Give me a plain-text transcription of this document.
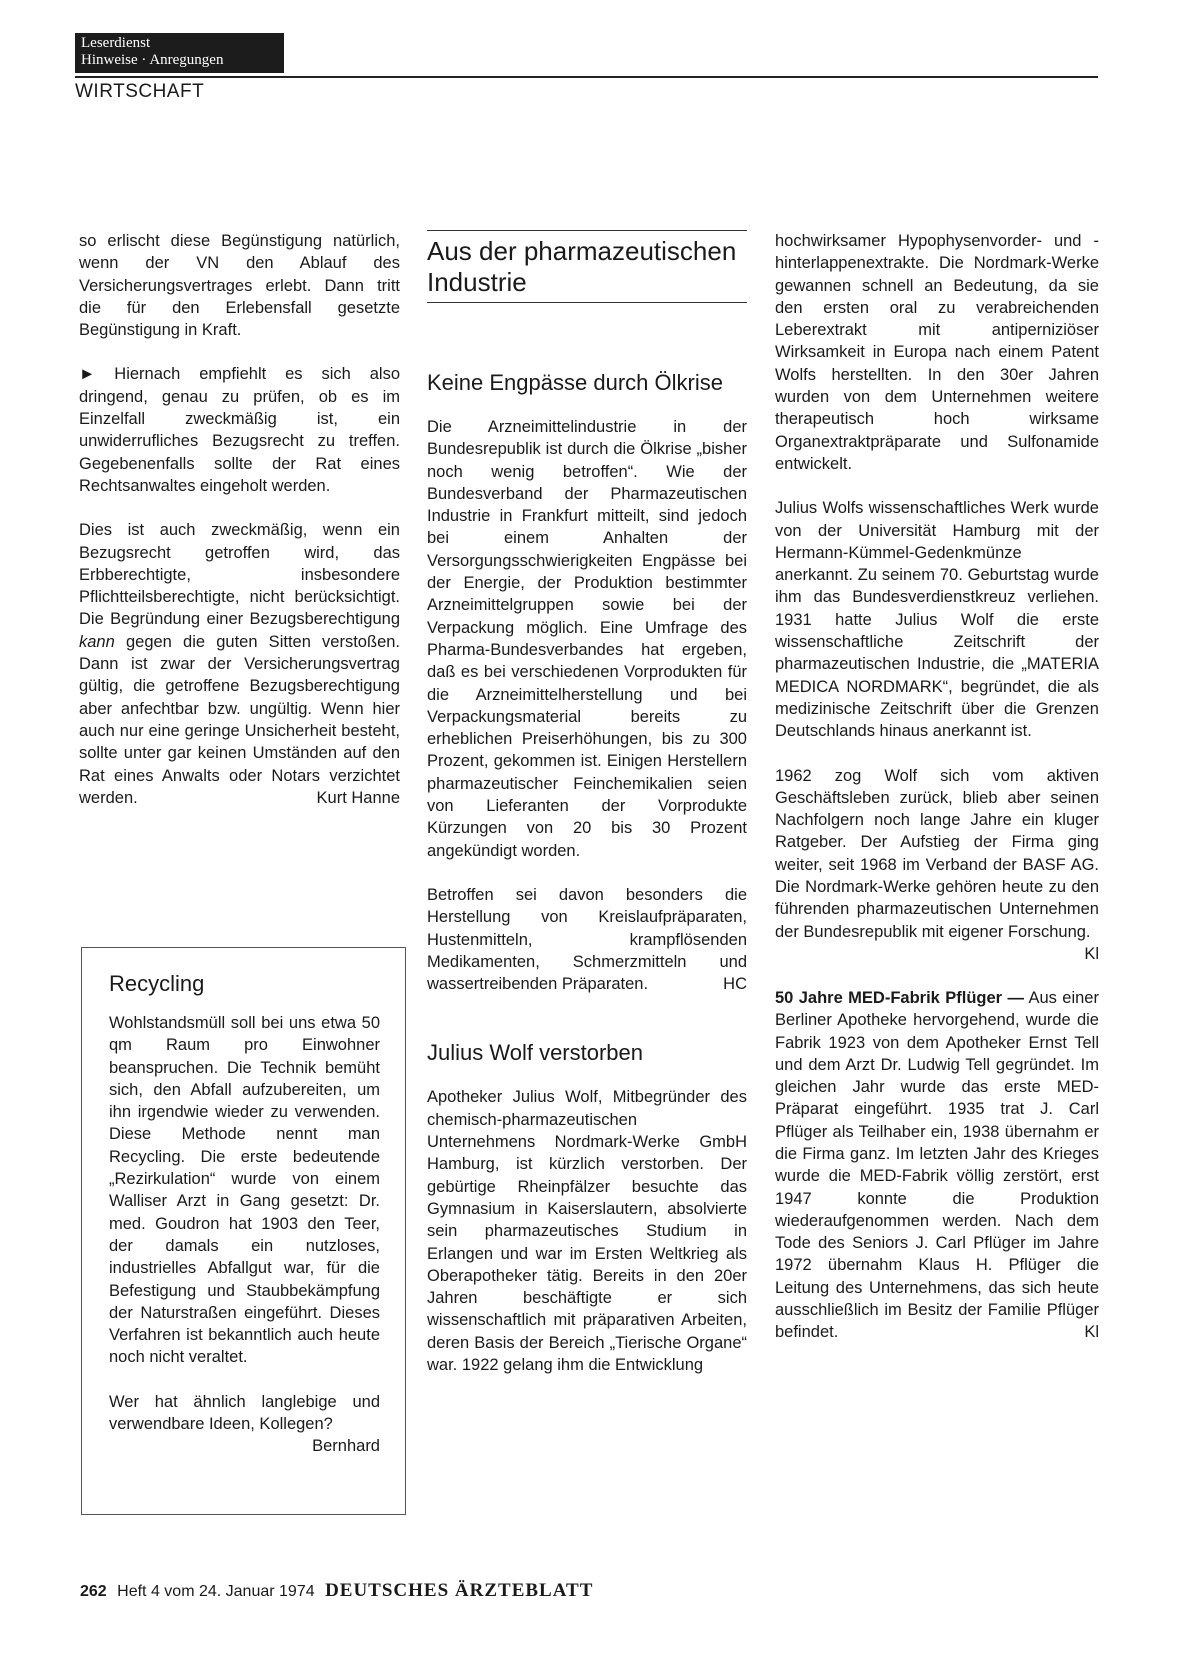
Leserdienst
Hinweise · Anregungen
WIRTSCHAFT

so erlischt diese Begünstigung natürlich, wenn der VN den Ablauf des Versicherungsvertrages erlebt. Dann tritt die für den Erlebensfall gesetzte Begünstigung in Kraft.

► Hiernach empfiehlt es sich also dringend, genau zu prüfen, ob es im Einzelfall zweckmäßig ist, ein unwiderrufliches Bezugsrecht zu treffen. Gegebenenfalls sollte der Rat eines Rechtsanwaltes eingeholt werden.

Dies ist auch zweckmäßig, wenn ein Bezugsrecht getroffen wird, das Erbberechtigte, insbesondere Pflichtteilsberechtigte, nicht berücksichtigt. Die Begründung einer Bezugsberechtigung kann gegen die guten Sitten verstoßen. Dann ist zwar der Versicherungsvertrag gültig, die getroffene Bezugsberechtigung aber anfechtbar bzw. ungültig. Wenn hier auch nur eine geringe Unsicherheit besteht, sollte unter gar keinen Umständen auf den Rat eines Anwalts oder Notars verzichtet werden.	Kurt Hanne

Recycling

Wohlstandsmüll soll bei uns etwa 50 qm Raum pro Einwohner beanspruchen. Die Technik bemüht sich, den Abfall aufzubereiten, um ihn irgendwie wieder zu verwenden. Diese Methode nennt man Recycling. Die erste bedeutende „Rezirkulation“ wurde von einem Walliser Arzt in Gang gesetzt: Dr. med. Goudron hat 1903 den Teer, der damals ein nutzloses, industrielles Abfallgut war, für die Befestigung und Staubbekämpfung der Naturstraßen eingeführt. Dieses Verfahren ist bekanntlich auch heute noch nicht veraltet.

Wer hat ähnlich langlebige und verwendbare Ideen, Kollegen?
Bernhard

Aus der pharmazeutischen Industrie
Keine Engpässe durch Ölkrise

Die Arzneimittelindustrie in der Bundesrepublik ist durch die Ölkrise „bisher noch wenig betroffen“. Wie der Bundesverband der Pharmazeutischen Industrie in Frankfurt mitteilt, sind jedoch bei einem Anhalten der Versorgungsschwierigkeiten Engpässe bei der Energie, der Produktion bestimmter Arzneimittelgruppen sowie bei der Verpackung möglich. Eine Umfrage des Pharma-Bundesverbandes hat ergeben, daß es bei verschiedenen Vorprodukten für die Arzneimittelherstellung und bei Verpackungsmaterial bereits zu erheblichen Preiserhöhungen, bis zu 300 Prozent, gekommen ist. Einigen Herstellern pharmazeutischer Feinchemikalien seien von Lieferanten der Vorprodukte Kürzungen von 20 bis 30 Prozent angekündigt worden.

Betroffen sei davon besonders die Herstellung von Kreislaufpräparaten, Hustenmitteln, krampflösenden Medikamenten, Schmerzmitteln und wassertreibenden Präparaten.	HC

Julius Wolf verstorben

Apotheker Julius Wolf, Mitbegründer des chemisch-pharmazeutischen Unternehmens Nordmark-Werke GmbH Hamburg, ist kürzlich verstorben. Der gebürtige Rheinpfälzer besuchte das Gymnasium in Kaiserslautern, absolvierte sein pharmazeutisches Studium in Erlangen und war im Ersten Weltkrieg als Oberapotheker tätig. Bereits in den 20er Jahren beschäftigte er sich wissenschaftlich mit präparativen Arbeiten, deren Basis der Bereich „Tierische Organe“ war. 1922 gelang ihm die Entwicklung

hochwirksamer Hypophysenvorder- und -hinterlappenextrakte. Die Nordmark-Werke gewannen schnell an Bedeutung, da sie den ersten oral zu verabreichenden Leberextrakt mit antiperniziöser Wirksamkeit in Europa nach einem Patent Wolfs herstellten. In den 30er Jahren wurden von dem Unternehmen weitere therapeutisch hoch wirksame Organextraktpräparate und Sulfonamide entwickelt.

Julius Wolfs wissenschaftliches Werk wurde von der Universität Hamburg mit der Hermann-Kümmel-Gedenkmünze anerkannt. Zu seinem 70. Geburtstag wurde ihm das Bundesverdienstkreuz verliehen. 1931 hatte Julius Wolf die erste wissenschaftliche Zeitschrift der pharmazeutischen Industrie, die „MATERIA MEDICA NORDMARK“, begründet, die als medizinische Zeitschrift über die Grenzen Deutschlands hinaus anerkannt ist.

1962 zog Wolf sich vom aktiven Geschäftsleben zurück, blieb aber seinen Nachfolgern noch lange Jahre ein kluger Ratgeber. Der Aufstieg der Firma ging weiter, seit 1968 im Verband der BASF AG. Die Nordmark-Werke gehören heute zu den führenden pharmazeutischen Unternehmen der Bundesrepublik mit eigener Forschung.
Kl

50 Jahre MED-Fabrik Pflüger — Aus einer Berliner Apotheke hervorgehend, wurde die Fabrik 1923 von dem Apotheker Ernst Tell und dem Arzt Dr. Ludwig Tell gegründet. Im gleichen Jahr wurde das erste MED-Präparat eingeführt. 1935 trat J. Carl Pflüger als Teilhaber ein, 1938 übernahm er die Firma ganz. Im letzten Jahr des Krieges wurde die MED-Fabrik völlig zerstört, erst 1947 konnte die Produktion wiederaufgenommen werden. Nach dem Tode des Seniors J. Carl Pflüger im Jahre 1972 übernahm Klaus H. Pflüger die Leitung des Unternehmens, das sich heute ausschließlich im Besitz der Familie Pflüger befindet.	Kl

262 Heft 4 vom 24. Januar 1974 DEUTSCHES ÄRZTEBLATT
